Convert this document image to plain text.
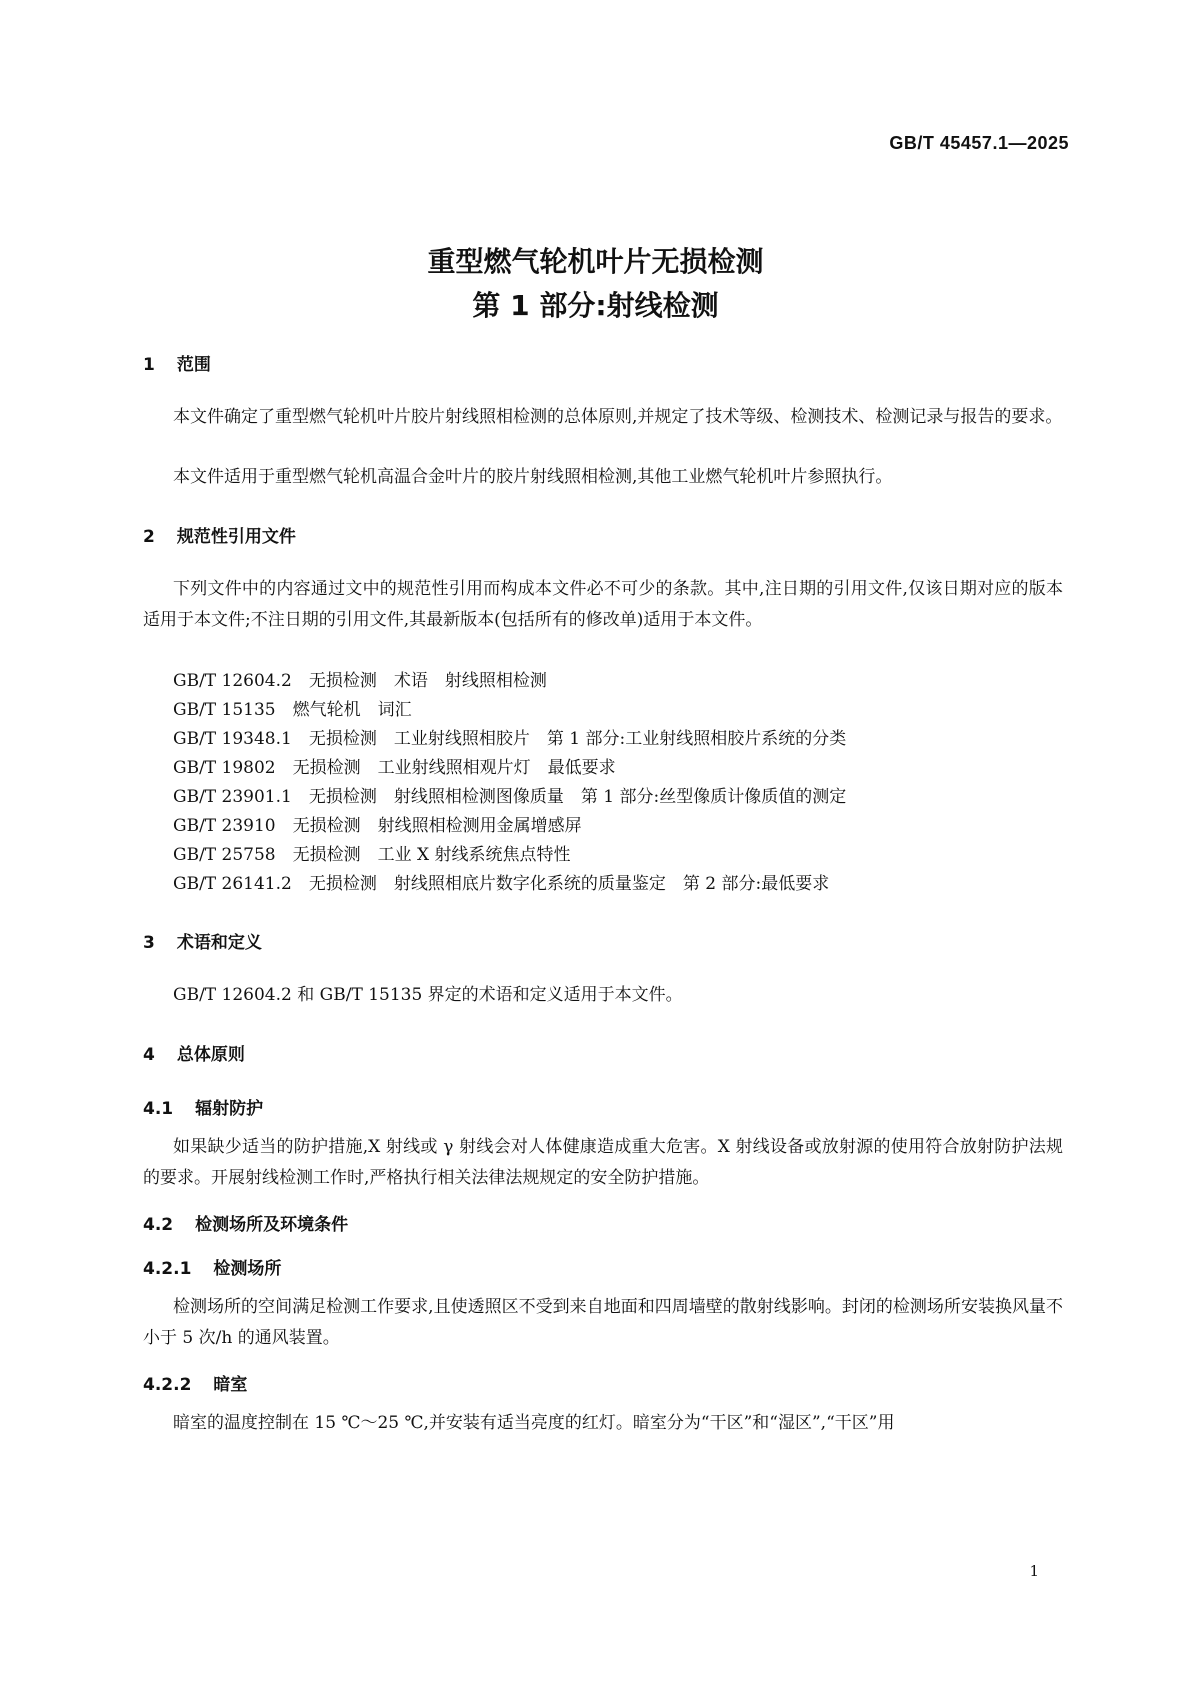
GB/T 45457.1—2025
重型燃气轮机叶片无损检测
第 1 部分:射线检测
1 范围
本文件确定了重型燃气轮机叶片胶片射线照相检测的总体原则,并规定了技术等级、检测技术、检测记录与报告的要求。
本文件适用于重型燃气轮机高温合金叶片的胶片射线照相检测,其他工业燃气轮机叶片参照执行。
2 规范性引用文件
下列文件中的内容通过文中的规范性引用而构成本文件必不可少的条款。其中,注日期的引用文件,仅该日期对应的版本适用于本文件;不注日期的引用文件,其最新版本(包括所有的修改单)适用于本文件。
GB/T 12604.2　无损检测　术语　射线照相检测
GB/T 15135　燃气轮机　词汇
GB/T 19348.1　无损检测　工业射线照相胶片　第 1 部分:工业射线照相胶片系统的分类
GB/T 19802　无损检测　工业射线照相观片灯　最低要求
GB/T 23901.1　无损检测　射线照相检测图像质量　第 1 部分:丝型像质计像质值的测定
GB/T 23910　无损检测　射线照相检测用金属增感屏
GB/T 25758　无损检测　工业 X 射线系统焦点特性
GB/T 26141.2　无损检测　射线照相底片数字化系统的质量鉴定　第 2 部分:最低要求
3 术语和定义
GB/T 12604.2 和 GB/T 15135 界定的术语和定义适用于本文件。
4 总体原则
4.1 辐射防护
如果缺少适当的防护措施,X 射线或 γ 射线会对人体健康造成重大危害。X 射线设备或放射源的使用符合放射防护法规的要求。开展射线检测工作时,严格执行相关法律法规规定的安全防护措施。
4.2 检测场所及环境条件
4.2.1 检测场所
检测场所的空间满足检测工作要求,且使透照区不受到来自地面和四周墙壁的散射线影响。封闭的检测场所安装换风量不小于 5 次/h 的通风装置。
4.2.2 暗室
暗室的温度控制在 15 ℃～25 ℃,并安装有适当亮度的红灯。暗室分为“干区”和“湿区”,“干区”用
1
